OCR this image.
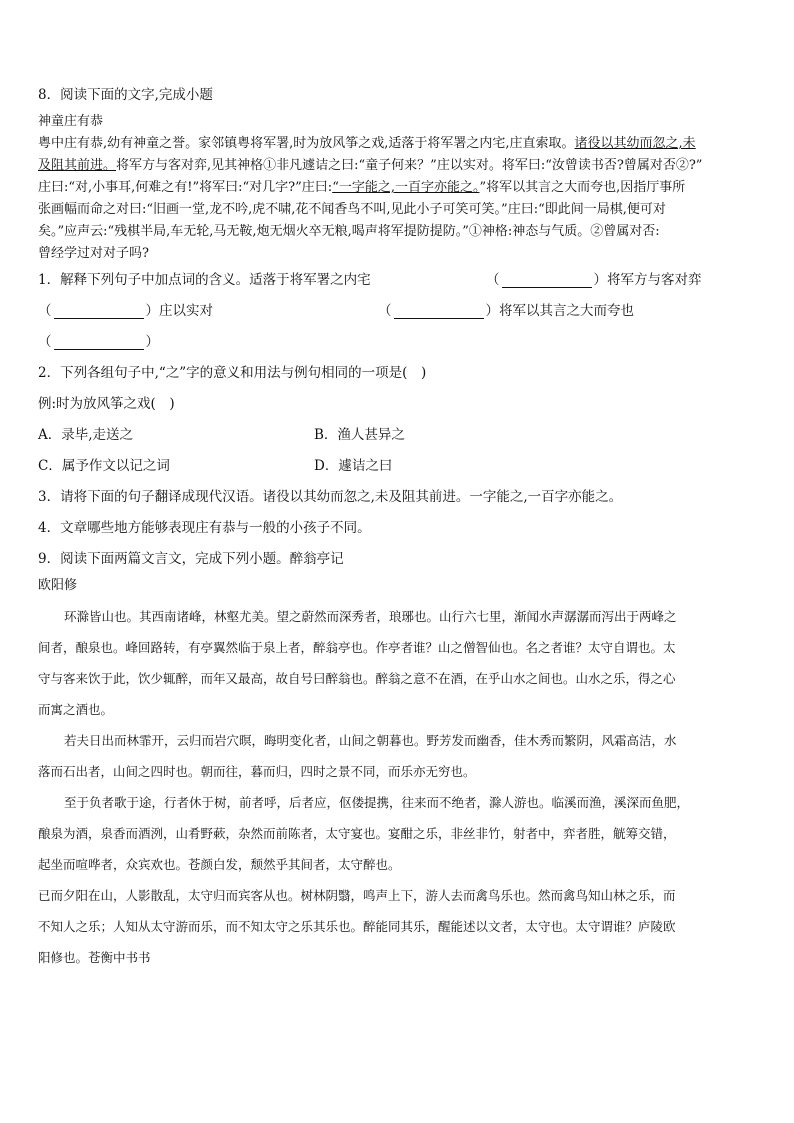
8．阅读下面的文字,完成小题
神童庄有恭
粤中庄有恭,幼有神童之誉。家邻镇粤将军署,时为放风筝之戏,适落于将军署之内宅,庄直索取。诸役以其幼而忽之,未
及阻其前进。将军方与客对弈,见其神格①非凡遽诘之曰:“童子何来？”庄以实对。将军曰:“汝曾读书否?曾属对否②?”
庄曰:“对,小事耳,何难之有!”将军曰:“对几字?”庄曰:“一字能之,一百字亦能之。”将军以其言之大而夸也,因指厅事所
张画幅而命之对曰:“旧画一堂,龙不吟,虎不啸,花不闻香鸟不叫,见此小子可笑可笑。”庄曰:“即此间一局棋,便可对
矣。”应声云:“残棋半局,车无轮,马无鞍,炮无烟火卒无粮,喝声将军提防提防。”①神格:神态与气质。②曾属对否:
曾经学过对对子吗?
1．解释下列句子中加点词的含义。适落于将军署之内宅	（	）将军方与客对弈
（	）庄以实对	（	）将军以其言之大而夸也
（	）
2．下列各组句子中,“之”字的意义和用法与例句相同的一项是(　)
例:时为放风筝之戏(　)
A．录毕,走送之	B．渔人甚异之
C．属予作文以记之词	D．遽诘之曰
3．请将下面的句子翻译成现代汉语。诸役以其幼而忽之,未及阻其前进。一字能之,一百字亦能之。
4．文章哪些地方能够表现庄有恭与一般的小孩子不同。
9．阅读下面两篇文言文，完成下列小题。醉翁亭记
欧阳修
环滁皆山也。其西南诸峰，林壑尤美。望之蔚然而深秀者，琅琊也。山行六七里，渐闻水声潺潺而泻出于两峰之
间者，酿泉也。峰回路转，有亭翼然临于泉上者，醉翁亭也。作亭者谁？山之僧智仙也。名之者谁？太守自谓也。太
守与客来饮于此，饮少辄醉，而年又最高，故自号曰醉翁也。醉翁之意不在酒，在乎山水之间也。山水之乐，得之心
而寓之酒也。
若夫日出而林霏开，云归而岩穴暝，晦明变化者，山间之朝暮也。野芳发而幽香，佳木秀而繁阴，风霜高洁，水
落而石出者，山间之四时也。朝而往，暮而归，四时之景不同，而乐亦无穷也。
至于负者歌于途，行者休于树，前者呼，后者应，伛偻提携，往来而不绝者，滁人游也。临溪而渔，溪深而鱼肥，
酿泉为酒，泉香而酒洌，山肴野蔌，杂然而前陈者，太守宴也。宴酣之乐，非丝非竹，射者中，弈者胜，觥筹交错，
起坐而喧哗者，众宾欢也。苍颜白发，颓然乎其间者，太守醉也。
已而夕阳在山，人影散乱，太守归而宾客从也。树林阴翳，鸣声上下，游人去而禽鸟乐也。然而禽鸟知山林之乐，而
不知人之乐；人知从太守游而乐，而不知太守之乐其乐也。醉能同其乐，醒能述以文者，太守也。太守谓谁？庐陵欧
阳修也。苍衡中书书
